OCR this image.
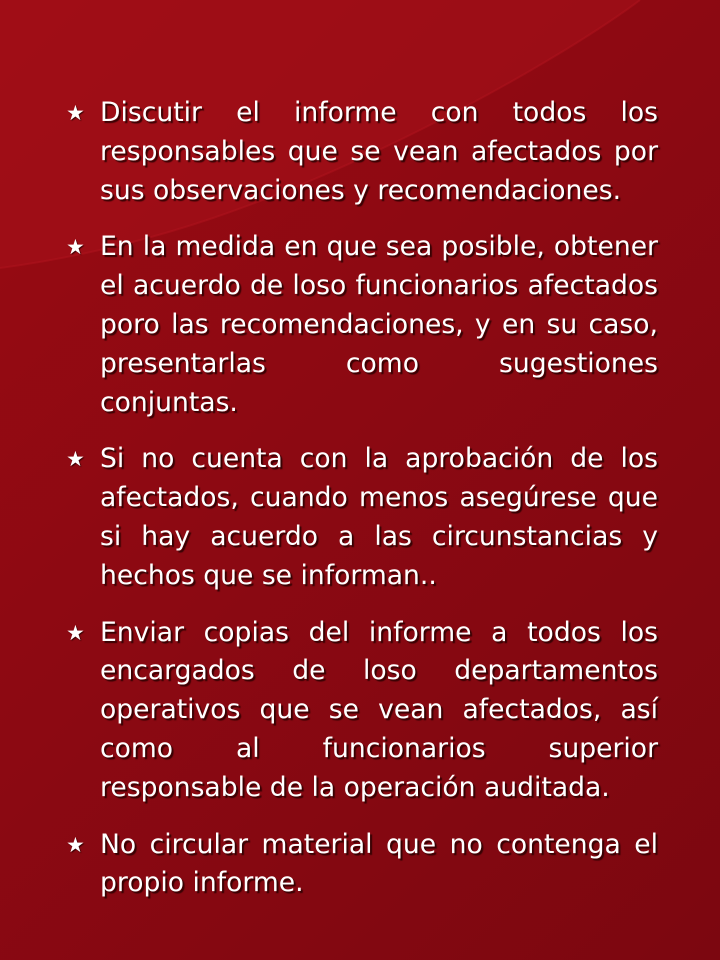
★ Discutir el informe con todos los responsables que se vean afectados por sus observaciones y recomendaciones.
★ En la medida en que sea posible, obtener el acuerdo de loso funcionarios afectados poro las recomendaciones, y en su caso, presentarlas como sugestiones conjuntas.
★ Si no cuenta con la aprobación de los afectados, cuando menos asegúrese que si hay acuerdo a las circunstancias y hechos que se informan..
★ Enviar copias del informe a todos los encargados de loso departamentos operativos que se vean afectados, así como al funcionarios superior responsable de la operación auditada.
★ No circular material que no contenga el propio informe.
